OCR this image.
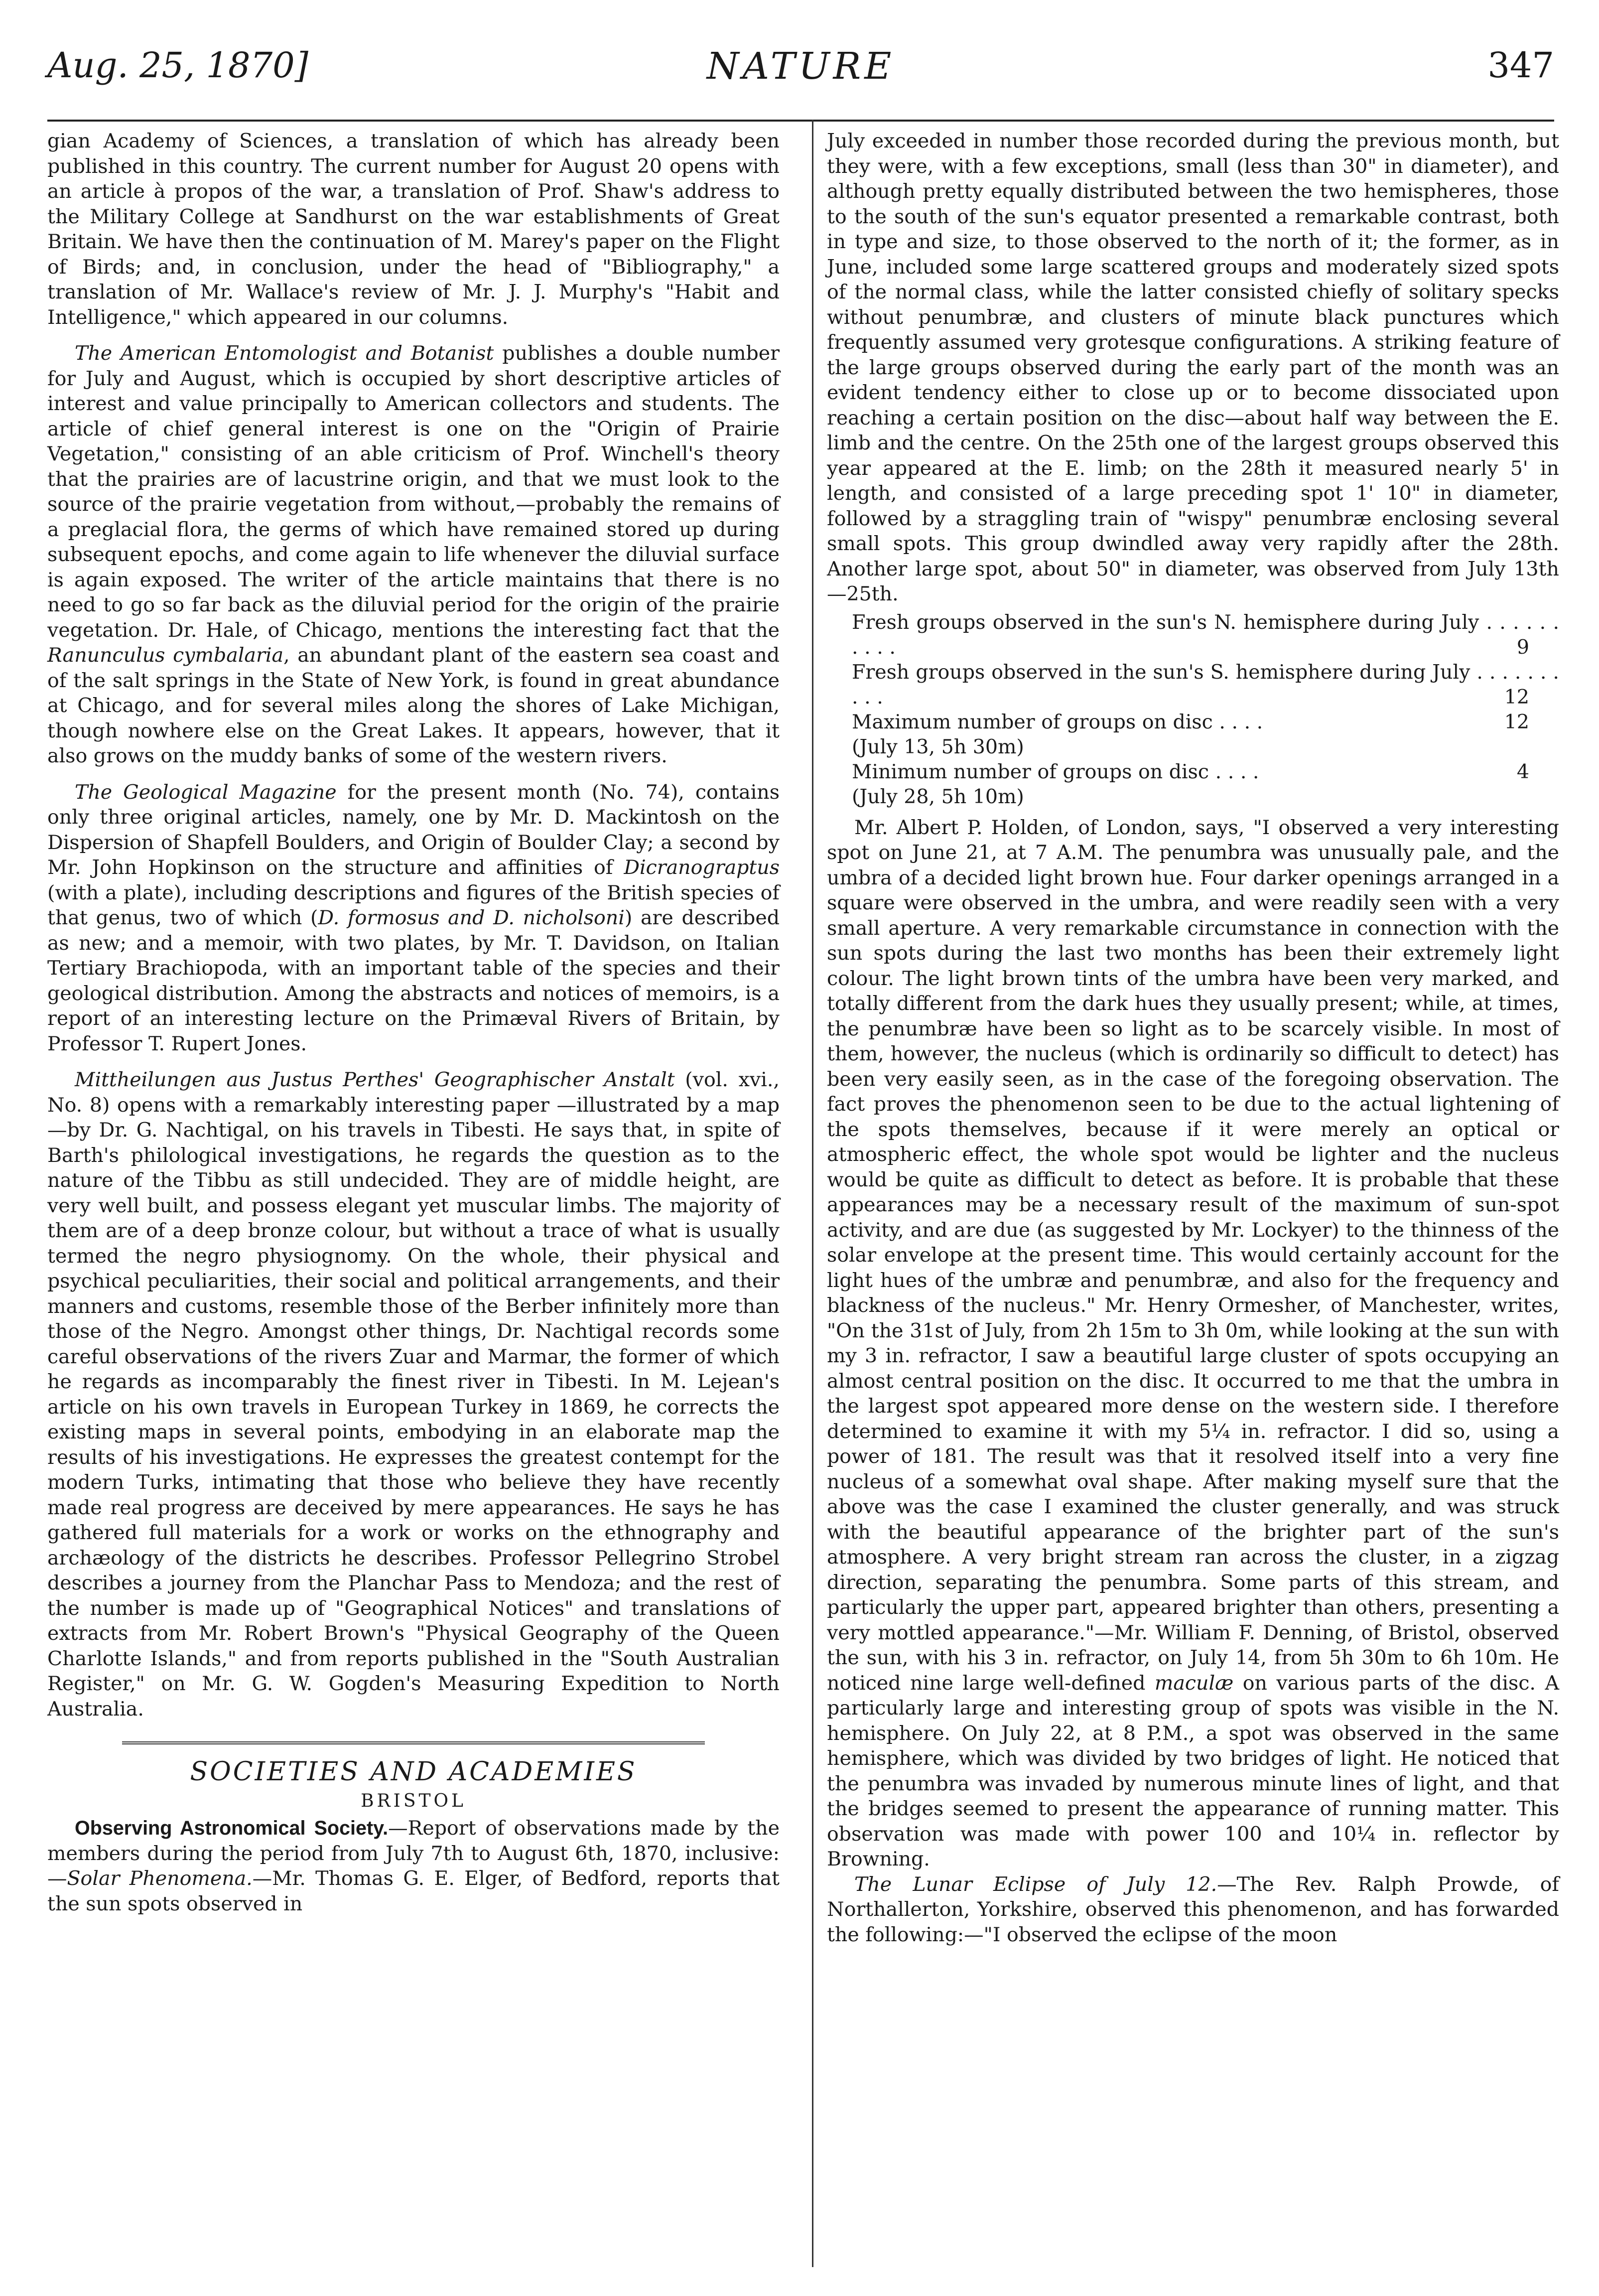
Aug. 25, 1870]	NATURE	347

gian Academy of Sciences, a translation of which has already been published in this country. The current number for August 20 opens with an article à propos of the war, a translation of Prof. Shaw's address to the Military College at Sandhurst on the war establishments of Great Britain. We have then the continuation of M. Marey's paper on the Flight of Birds; and, in conclusion, under the head of "Bibliography," a translation of Mr. Wallace's review of Mr. J. J. Murphy's "Habit and Intelligence," which appeared in our columns.

The American Entomologist and Botanist publishes a double number for July and August, which is occupied by short descriptive articles of interest and value principally to American collectors and students. The article of chief general interest is one on the "Origin of Prairie Vegetation," consisting of an able criticism of Prof. Winchell's theory that the prairies are of lacustrine origin, and that we must look to the source of the prairie vegetation from without,—probably the remains of a preglacial flora, the germs of which have remained stored up during subsequent epochs, and come again to life whenever the diluvial surface is again exposed. The writer of the article maintains that there is no need to go so far back as the diluvial period for the origin of the prairie vegetation. Dr. Hale, of Chicago, mentions the interesting fact that the Ranunculus cymbalaria, an abundant plant of the eastern sea coast and of the salt springs in the State of New York, is found in great abundance at Chicago, and for several miles along the shores of Lake Michigan, though nowhere else on the Great Lakes. It appears, however, that it also grows on the muddy banks of some of the western rivers.

The Geological Magazine for the present month (No. 74), contains only three original articles, namely, one by Mr. D. Mackintosh on the Dispersion of Shapfell Boulders, and Origin of Boulder Clay; a second by Mr. John Hopkinson on the structure and affinities of Dicranograptus (with a plate), including descriptions and figures of the British species of that genus, two of which (D. formosus and D. nicholsoni) are described as new; and a memoir, with two plates, by Mr. T. Davidson, on Italian Tertiary Brachiopoda, with an important table of the species and their geological distribution. Among the abstracts and notices of memoirs, is a report of an interesting lecture on the Primæval Rivers of Britain, by Professor T. Rupert Jones.

Mittheilungen aus Justus Perthes' Geographischer Anstalt (vol. xvi., No. 8) opens with a remarkably interesting paper —illustrated by a map—by Dr. G. Nachtigal, on his travels in Tibesti. He says that, in spite of Barth's philological investigations, he regards the question as to the nature of the Tibbu as still undecided. They are of middle height, are very well built, and possess elegant yet muscular limbs. The majority of them are of a deep bronze colour, but without a trace of what is usually termed the negro physiognomy. On the whole, their physical and psychical peculiarities, their social and political arrangements, and their manners and customs, resemble those of the Berber infinitely more than those of the Negro. Amongst other things, Dr. Nachtigal records some careful observations of the rivers Zuar and Marmar, the former of which he regards as incomparably the finest river in Tibesti. In M. Lejean's article on his own travels in European Turkey in 1869, he corrects the existing maps in several points, embodying in an elaborate map the results of his investigations. He expresses the greatest contempt for the modern Turks, intimating that those who believe they have recently made real progress are deceived by mere appearances. He says he has gathered full materials for a work or works on the ethnography and archæology of the districts he describes. Professor Pellegrino Strobel describes a journey from the Planchar Pass to Mendoza; and the rest of the number is made up of "Geographical Notices" and translations of extracts from Mr. Robert Brown's "Physical Geography of the Queen Charlotte Islands," and from reports published in the "South Australian Register," on Mr. G. W. Gogden's Measuring Expedition to North Australia.

SOCIETIES AND ACADEMIES
BRISTOL

Observing Astronomical Society.—Report of observations made by the members during the period from July 7th to August 6th, 1870, inclusive:—Solar Phenomena.—Mr. Thomas G. E. Elger, of Bedford, reports that the sun spots observed in

July exceeded in number those recorded during the previous month, but they were, with a few exceptions, small (less than 30" in diameter), and although pretty equally distributed between the two hemispheres, those to the south of the sun's equator presented a remarkable contrast, both in type and size, to those observed to the north of it; the former, as in June, included some large scattered groups and moderately sized spots of the normal class, while the latter consisted chiefly of solitary specks without penumbræ, and clusters of minute black punctures which frequently assumed very grotesque configurations. A striking feature of the large groups observed during the early part of the month was an evident tendency either to close up or to become dissociated upon reaching a certain position on the disc—about half way between the E. limb and the centre. On the 25th one of the largest groups observed this year appeared at the E. limb; on the 28th it measured nearly 5' in length, and consisted of a large preceding spot 1' 10" in diameter, followed by a straggling train of "wispy" penumbræ enclosing several small spots. This group dwindled away very rapidly after the 28th. Another large spot, about 50" in diameter, was observed from July 13th—25th.

Fresh groups observed in the sun's N. hemisphere during July . . . . . . . . . .	9
Fresh groups observed in the sun's S. hemisphere during July . . . . . . . . . .	12
Maximum number of groups on disc . . . .	12
(July 13, 5h 30m)
Minimum number of groups on disc . . . .	4
(July 28, 5h 10m)

Mr. Albert P. Holden, of London, says, "I observed a very interesting spot on June 21, at 7 A.M. The penumbra was unusually pale, and the umbra of a decided light brown hue. Four darker openings arranged in a square were observed in the umbra, and were readily seen with a very small aperture. A very remarkable circumstance in connection with the sun spots during the last two months has been their extremely light colour. The light brown tints of the umbra have been very marked, and totally different from the dark hues they usually present; while, at times, the penumbræ have been so light as to be scarcely visible. In most of them, however, the nucleus (which is ordinarily so difficult to detect) has been very easily seen, as in the case of the foregoing observation. The fact proves the phenomenon seen to be due to the actual lightening of the spots themselves, because if it were merely an optical or atmospheric effect, the whole spot would be lighter and the nucleus would be quite as difficult to detect as before. It is probable that these appearances may be a necessary result of the maximum of sun-spot activity, and are due (as suggested by Mr. Lockyer) to the thinness of the solar envelope at the present time. This would certainly account for the light hues of the umbræ and penumbræ, and also for the frequency and blackness of the nucleus." Mr. Henry Ormesher, of Manchester, writes, "On the 31st of July, from 2h 15m to 3h 0m, while looking at the sun with my 3 in. refractor, I saw a beautiful large cluster of spots occupying an almost central position on the disc. It occurred to me that the umbra in the largest spot appeared more dense on the western side. I therefore determined to examine it with my 5¼ in. refractor. I did so, using a power of 181. The result was that it resolved itself into a very fine nucleus of a somewhat oval shape. After making myself sure that the above was the case I examined the cluster generally, and was struck with the beautiful appearance of the brighter part of the sun's atmosphere. A very bright stream ran across the cluster, in a zigzag direction, separating the penumbra. Some parts of this stream, and particularly the upper part, appeared brighter than others, presenting a very mottled appearance."—Mr. William F. Denning, of Bristol, observed the sun, with his 3 in. refractor, on July 14, from 5h 30m to 6h 10m. He noticed nine large well-defined maculæ on various parts of the disc. A particularly large and interesting group of spots was visible in the N. hemisphere. On July 22, at 8 P.M., a spot was observed in the same hemisphere, which was divided by two bridges of light. He noticed that the penumbra was invaded by numerous minute lines of light, and that the bridges seemed to present the appearance of running matter. This observation was made with power 100 and 10¼ in. reflector by Browning.

The Lunar Eclipse of July 12.—The Rev. Ralph Prowde, of Northallerton, Yorkshire, observed this phenomenon, and has forwarded the following:—"I observed the eclipse of the moon
